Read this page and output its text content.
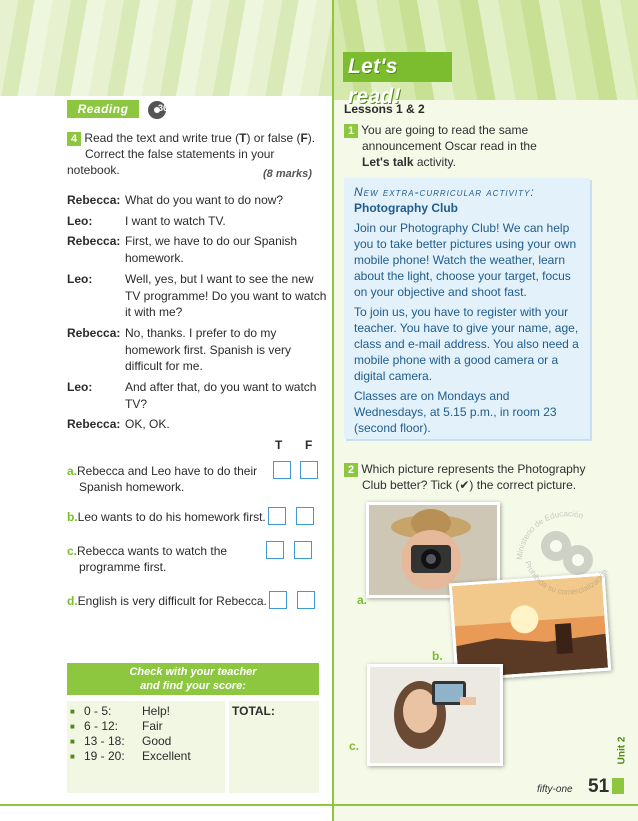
Let's read!
Reading	36
4 Read the text and write true (T) or false (F).
Correct the false statements in your notebook.	(8 marks)
Rebecca: What do you want to do now?
Leo:	I want to watch TV.
Rebecca: First, we have to do our Spanish homework.
Leo:	Well, yes, but I want to see the new TV programme! Do you want to watch it with me?
Rebecca: No, thanks. I prefer to do my homework first. Spanish is very difficult for me.
Leo:	And after that, do you want to watch TV?
Rebecca: OK, OK.
T F
a.Rebecca and Leo have to do their
Spanish homework.
b.Leo wants to do his homework first.
c.Rebecca wants to watch the
programme first.
d.English is very difficult for Rebecca.
Check with your teacher
and find your score:
■ 0 - 5:	Help!
■ 6 - 12:	Fair
■ 13 - 18:	Good
■ 19 - 20:	Excellent
TOTAL:
Lessons 1 & 2
1 You are going to read the same
announcement Oscar read in the
Let's talk activity.
New extra-curricular activity:
Photography Club

Join our Photography Club! We can help you to take better pictures using your own mobile phone! Watch the weather, learn about the light, choose your target, focus on your objective and shoot fast.

To join us, you have to register with your teacher. You have to give your name, age, class and e-mail address. You also need a mobile phone with a good camera or a digital camera.

Classes are on Mondays and Wednesdays, at 5.15 p.m., in room 23 (second floor).

2 Which picture represents the Photography
Club better? Tick (✔) the correct picture.
a.
b.
c.
Ministerio de Educación
Prohibida su comercialización
Unit 2
fifty-one 51
